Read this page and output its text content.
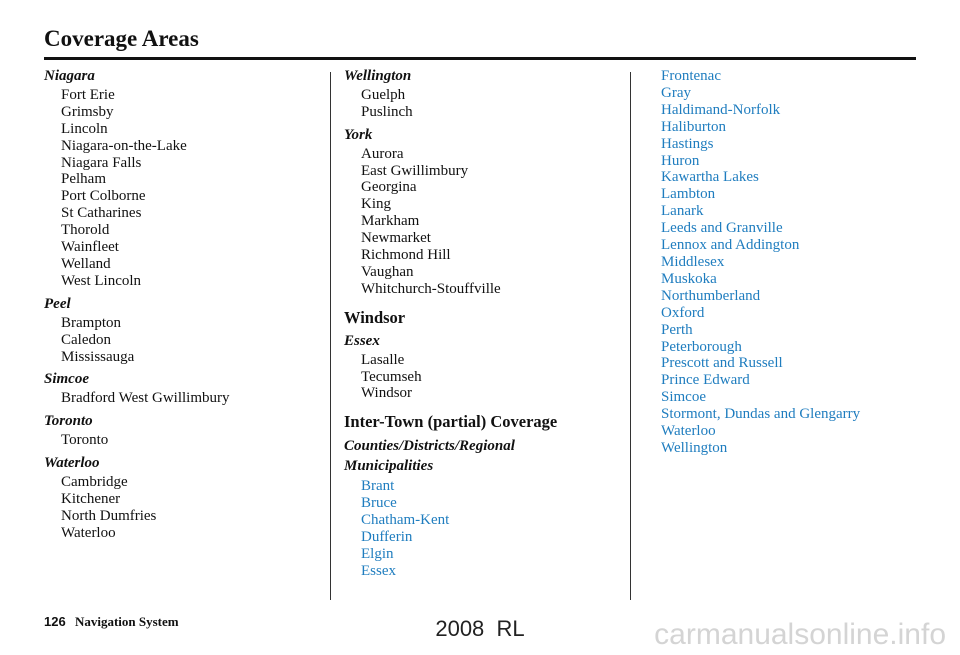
Coverage Areas
Niagara
Fort Erie
Grimsby
Lincoln
Niagara-on-the-Lake
Niagara Falls
Pelham
Port Colborne
St Catharines
Thorold
Wainfleet
Welland
West Lincoln
Peel
Brampton
Caledon
Mississauga
Simcoe
Bradford West Gwillimbury
Toronto
Toronto
Waterloo
Cambridge
Kitchener
North Dumfries
Waterloo
Wellington
Guelph
Puslinch
York
Aurora
East Gwillimbury
Georgina
King
Markham
Newmarket
Richmond Hill
Vaughan
Whitchurch-Stouffville
Windsor
Essex
Lasalle
Tecumseh
Windsor
Inter-Town (partial) Coverage
Counties/Districts/Regional
Municipalities
Brant
Bruce
Chatham-Kent
Dufferin
Elgin
Essex
Frontenac
Gray
Haldimand-Norfolk
Haliburton
Hastings
Huron
Kawartha Lakes
Lambton
Lanark
Leeds and Granville
Lennox and Addington
Middlesex
Muskoka
Northumberland
Oxford
Perth
Peterborough
Prescott and Russell
Prince Edward
Simcoe
Stormont, Dundas and Glengarry
Waterloo
Wellington
126 Navigation System	2008  RL	carmanualsonline.info
